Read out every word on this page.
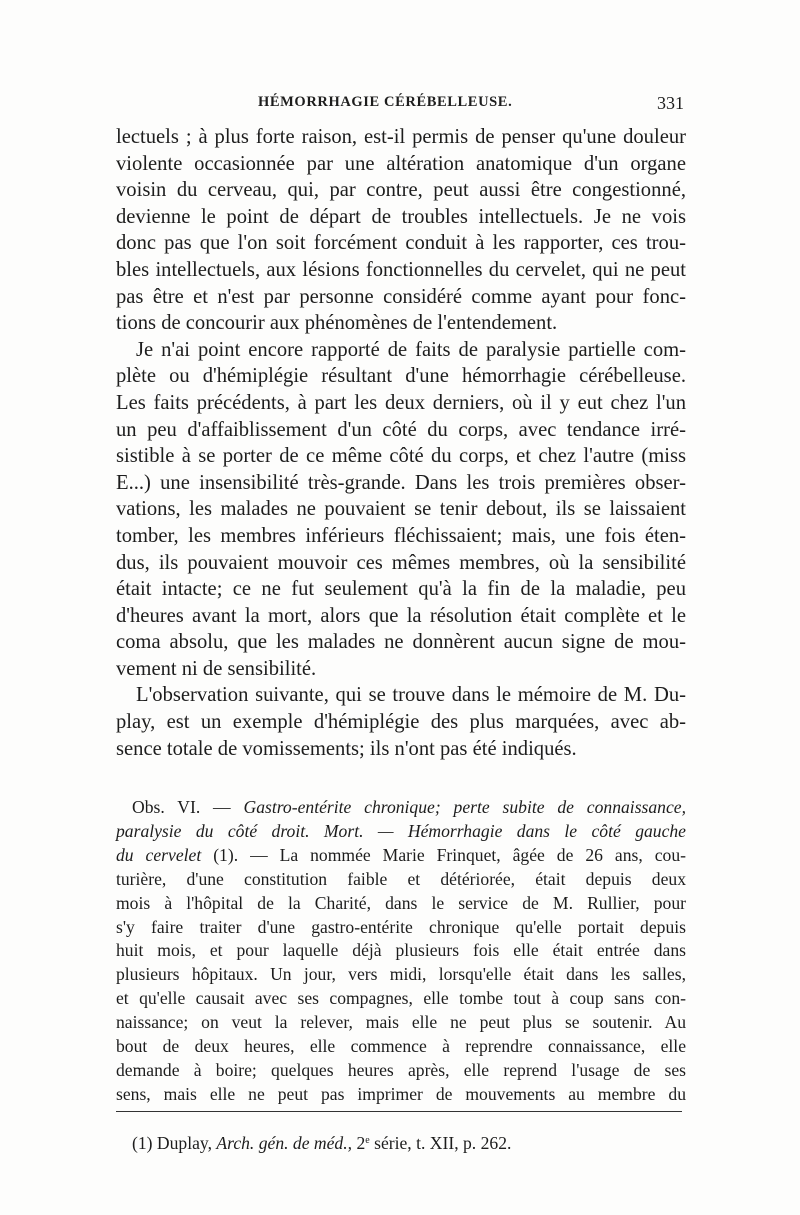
HÉMORRHAGIE CÉRÉBELLEUSE.	331

lectuels ; à plus forte raison, est-il permis de penser qu'une douleur
violente occasionnée par une altération anatomique d'un organe
voisin du cerveau, qui, par contre, peut aussi être congestionné,
devienne le point de départ de troubles intellectuels. Je ne vois
donc pas que l'on soit forcément conduit à les rapporter, ces trou-
bles intellectuels, aux lésions fonctionnelles du cervelet, qui ne peut
pas être et n'est par personne considéré comme ayant pour fonc-
tions de concourir aux phénomènes de l'entendement.

Je n'ai point encore rapporté de faits de paralysie partielle com-
plète ou d'hémiplégie résultant d'une hémorrhagie cérébelleuse.
Les faits précédents, à part les deux derniers, où il y eut chez l'un
un peu d'affaiblissement d'un côté du corps, avec tendance irré-
sistible à se porter de ce même côté du corps, et chez l'autre (miss
E...) une insensibilité très-grande. Dans les trois premières obser-
vations, les malades ne pouvaient se tenir debout, ils se laissaient
tomber, les membres inférieurs fléchissaient; mais, une fois éten-
dus, ils pouvaient mouvoir ces mêmes membres, où la sensibilité
était intacte; ce ne fut seulement qu'à la fin de la maladie, peu
d'heures avant la mort, alors que la résolution était complète et le
coma absolu, que les malades ne donnèrent aucun signe de mou-
vement ni de sensibilité.

L'observation suivante, qui se trouve dans le mémoire de M. Du-
play, est un exemple d'hémiplégie des plus marquées, avec ab-
sence totale de vomissements; ils n'ont pas été indiqués.

Obs. VI. — Gastro-entérite chronique; perte subite de connaissance,
paralysie du côté droit. Mort. — Hémorrhagie dans le côté gauche
du cervelet (1). — La nommée Marie Frinquet, âgée de 26 ans, cou-
turière, d'une constitution faible et détériorée, était depuis deux
mois à l'hôpital de la Charité, dans le service de M. Rullier, pour
s'y faire traiter d'une gastro-entérite chronique qu'elle portait depuis
huit mois, et pour laquelle déjà plusieurs fois elle était entrée dans
plusieurs hôpitaux. Un jour, vers midi, lorsqu'elle était dans les salles,
et qu'elle causait avec ses compagnes, elle tombe tout à coup sans con-
naissance; on veut la relever, mais elle ne peut plus se soutenir. Au
bout de deux heures, elle commence à reprendre connaissance, elle
demande à boire; quelques heures après, elle reprend l'usage de ses
sens, mais elle ne peut pas imprimer de mouvements au membre du
(1) Duplay, Arch. gén. de méd., 2e série, t. XII, p. 262.
